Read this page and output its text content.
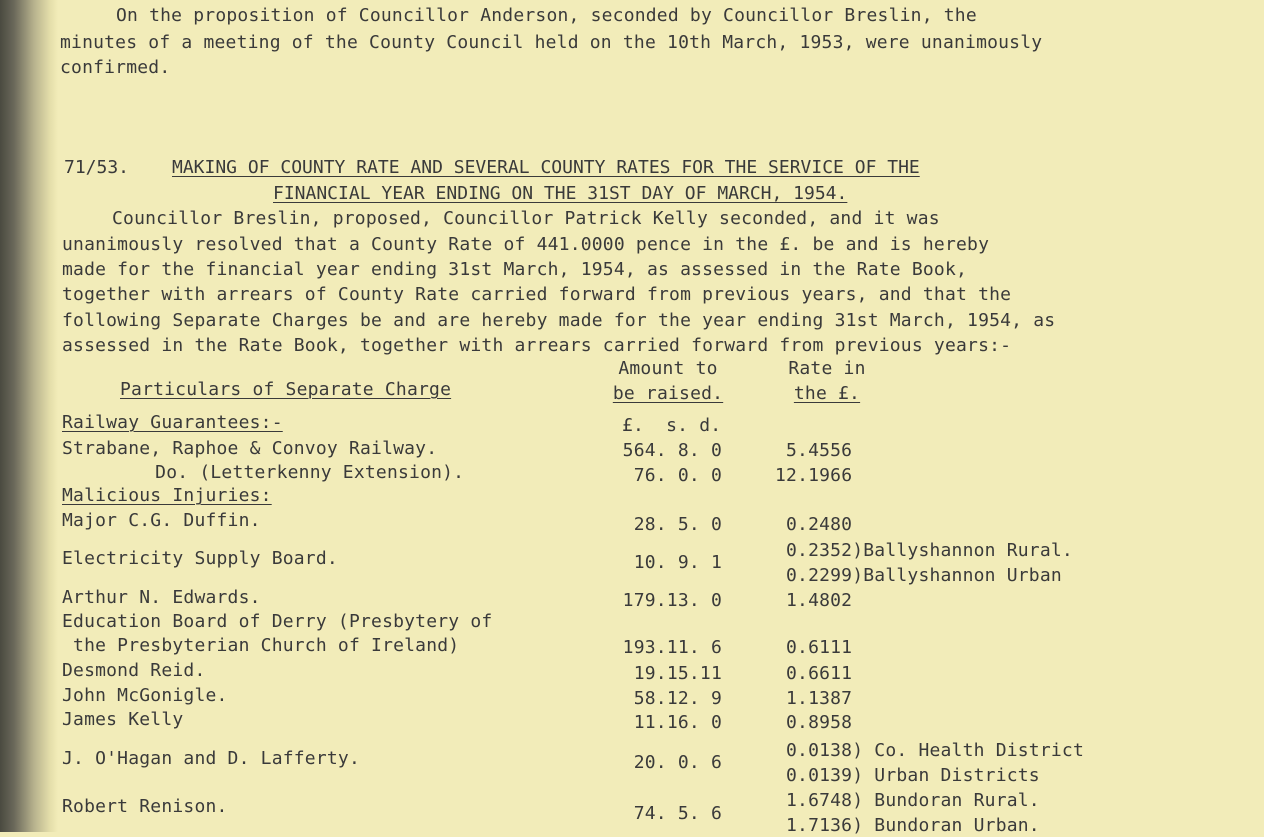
On the proposition of Councillor Anderson, seconded by Councillor Breslin, the
minutes of a meeting of the County Council held on the 10th March, 1953, were unanimously
confirmed.
71/53. MAKING OF COUNTY RATE AND SEVERAL COUNTY RATES FOR THE SERVICE OF THE
FINANCIAL YEAR ENDING ON THE 31ST DAY OF MARCH, 1954.
Councillor Breslin, proposed, Councillor Patrick Kelly seconded, and it was
unanimously resolved that a County Rate of 441.0000 pence in the £. be and is hereby
made for the financial year ending 31st March, 1954, as assessed in the Rate Book,
together with arrears of County Rate carried forward from previous years, and that the
following Separate Charges be and are hereby made for the year ending 31st March, 1954, as
assessed in the Rate Book, together with arrears carried forward from previous years:-
Amount to
be raised.
Rate in
the £.
Particulars of Separate Charge
£.  s. d.
Railway Guarantees:-
Malicious Injuries:
Strabane, Raphoe & Convoy Railway.
Do. (Letterkenny Extension).
Major C.G. Duffin.
Electricity Supply Board.
Arthur N. Edwards.
Education Board of Derry (Presbytery of
the Presbyterian Church of Ireland)
Desmond Reid.
John McGonigle.
James Kelly
J. O'Hagan and D. Lafferty.
Robert Renison.
564. 8. 0
76. 0. 0
28. 5. 0
10. 9. 1
179.13. 0
193.11. 6
19.15.11
58.12. 9
11.16. 0
20. 0. 6
74. 5. 6
5.4556
12.1966
0.2480
0.2352)Ballyshannon Rural.
0.2299)Ballyshannon Urban
1.4802
0.6111
0.6611
1.1387
0.8958
0.0138) Co. Health District
0.0139) Urban Districts
1.6748) Bundoran Rural.
1.7136) Bundoran Urban.
